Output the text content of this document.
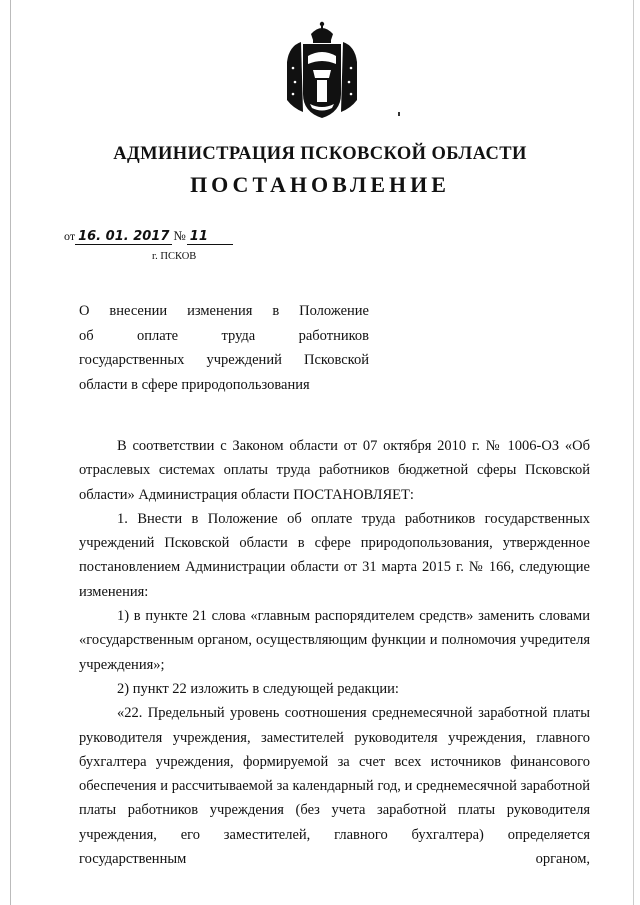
АДМИНИСТРАЦИЯ ПСКОВСКОЙ ОБЛАСТИ
ПОСТАНОВЛЕНИЕ
от 16. 01. 2017 № 11
г. ПСКОВ
О внесении изменения в Положение
об оплате труда работников
государственных учреждений Псковской
области в сфере природопользования

В соответствии с Законом области от 07 октября 2010 г. № 1006-ОЗ «Об отраслевых системах оплаты труда работников бюджетной сферы Псковской области» Администрация области ПОСТАНОВЛЯЕТ:

1. Внести в Положение об оплате труда работников государственных учреждений Псковской области в сфере природопользования, утвержденное постановлением Администрации области от 31 марта 2015 г. № 166, следующие изменения:

1) в пункте 21 слова «главным распорядителем средств» заменить словами «государственным органом, осуществляющим функции и полномочия учредителя учреждения»;

2) пункт 22 изложить в следующей редакции:

«22. Предельный уровень соотношения среднемесячной заработной платы руководителя учреждения, заместителей руководителя учреждения, главного бухгалтера учреждения, формируемой за счет всех источников финансового обеспечения и рассчитываемой за календарный год, и среднемесячной заработной платы работников учреждения (без учета заработной платы руководителя учреждения, его заместителей, главного бухгалтера) определяется государственным органом,
